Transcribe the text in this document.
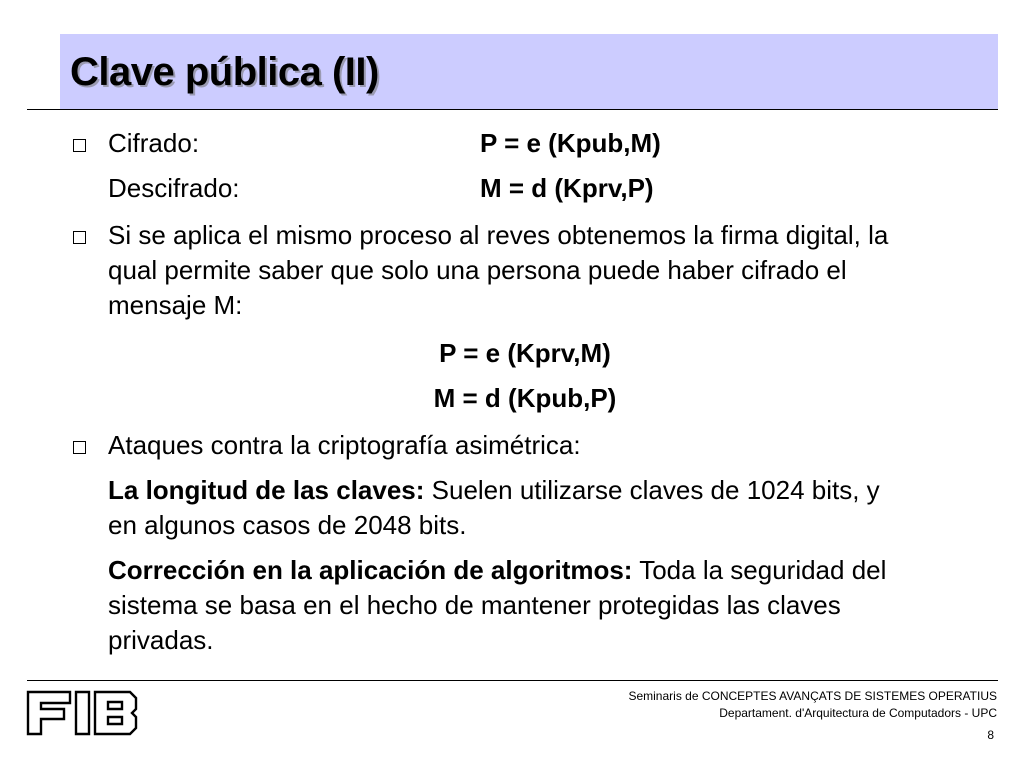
Clave pública (II)
Cifrado:	P = e (Kpub,M)
Descifrado:	M = d (Kprv,P)
Si se aplica el mismo proceso al reves obtenemos la firma digital, la
qual permite saber que solo una persona puede haber cifrado el
mensaje M:
P = e (Kprv,M)
M = d (Kpub,P)
Ataques contra la criptografía asimétrica:
La longitud de las claves: Suelen utilizarse claves de 1024 bits, y
en algunos casos de 2048 bits.
Corrección en la aplicación de algoritmos: Toda la seguridad del
sistema se basa en el hecho de mantener protegidas las claves
privadas.
Seminaris de CONCEPTES AVANÇATS DE SISTEMES OPERATIUS
Departament. d'Arquitectura de Computadors - UPC
8
